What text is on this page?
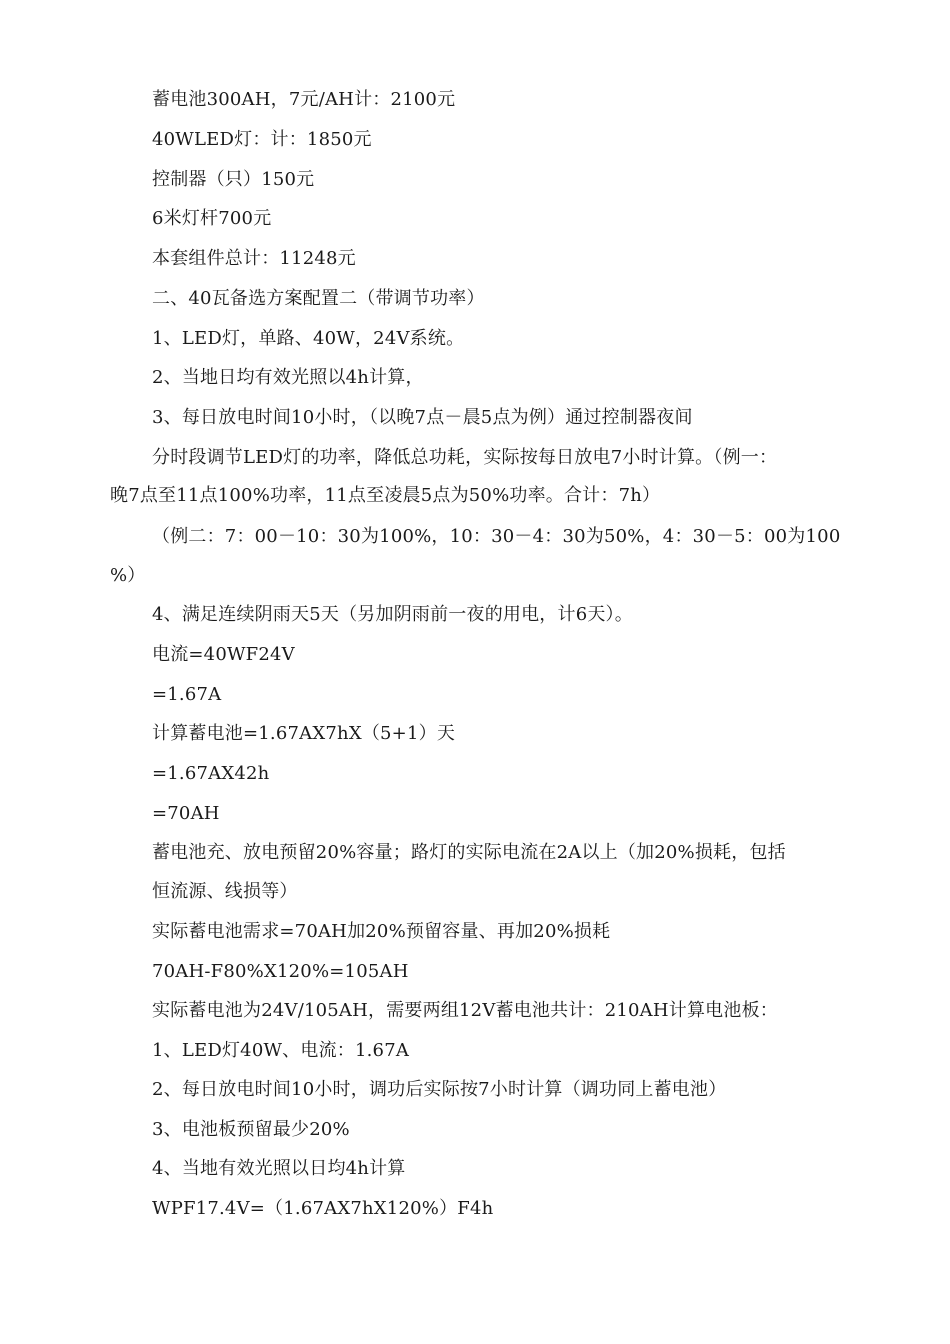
蓄电池300AH，7元/AH计：2100元
40WLED灯：计：1850元
控制器（只）150元
6米灯杆700元
本套组件总计：11248元
二、40瓦备选方案配置二（带调节功率）
1、LED灯，单路、40W，24V系统。
2、当地日均有效光照以4h计算，
3、每日放电时间10小时，（以晚7点－晨5点为例）通过控制器夜间
分时段调节LED灯的功率，降低总功耗，实际按每日放电7小时计算。（例一：
晚7点至11点100%功率，11点至凌晨5点为50%功率。合计：7h）
（例二：7：00－10：30为100%，10：30－4：30为50%，4：30－5：00为100
%）
4、满足连续阴雨天5天（另加阴雨前一夜的用电，计6天）。
电流=40WF24V
=1.67A
计算蓄电池=1.67AX7hX（5+1）天
=1.67AX42h
=70AH
蓄电池充、放电预留20%容量；路灯的实际电流在2A以上（加20%损耗，包括
恒流源、线损等）
实际蓄电池需求=70AH加20%预留容量、再加20%损耗
70AH-F80%X120%=105AH
实际蓄电池为24V/105AH，需要两组12V蓄电池共计：210AH计算电池板：
1、LED灯40W、电流：1.67A
2、每日放电时间10小时，调功后实际按7小时计算（调功同上蓄电池）
3、电池板预留最少20%
4、当地有效光照以日均4h计算
WPF17.4V=（1.67AX7hX120%）F4h
